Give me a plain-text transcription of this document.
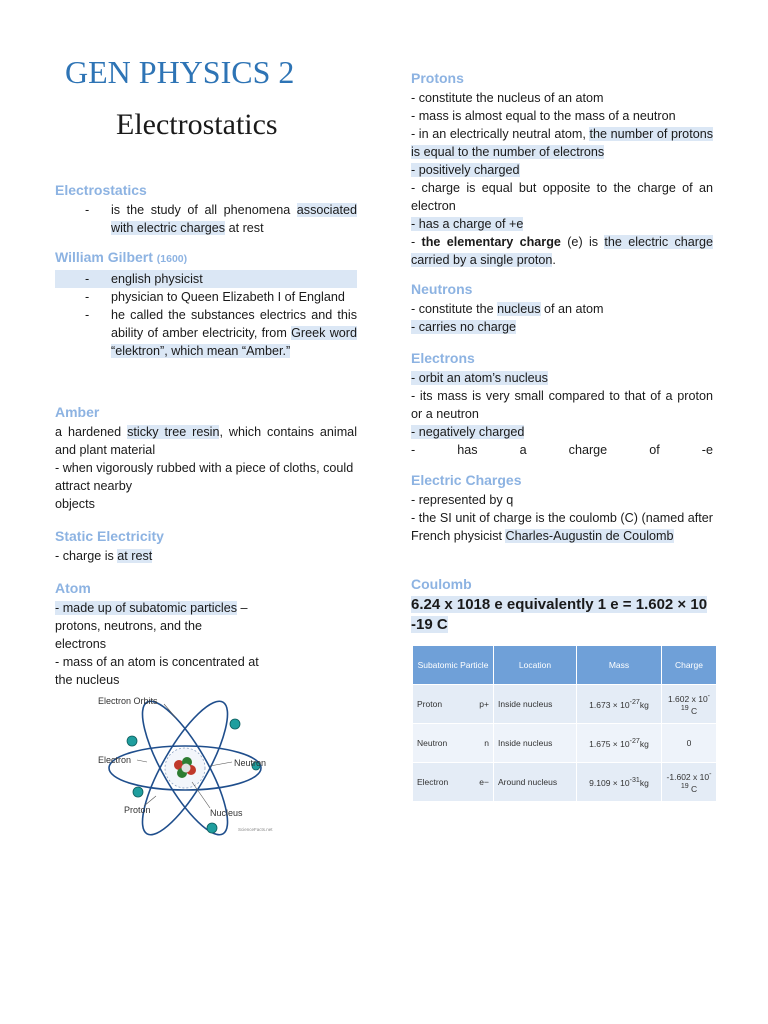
GEN PHYSICS 2
Electrostatics
Electrostatics
-	is the study of all phenomena associated with electric charges at rest
William Gilbert (1600)
-	english physicist
-	physician to Queen Elizabeth I of England
-	he called the substances electrics and this ability of amber electricity, from Greek word “elektron”, which mean “Amber.”
Amber

a hardened sticky tree resin, which contains animal and plant material

- when vigorously rubbed with a piece of cloths, could attract nearby

objects

Static Electricity

- charge is at rest

Atom

- made up of subatomic particles –

protons, neutrons, and the

electrons

- mass of an atom is concentrated at

the nucleus

Electron Orbits
Electron	Neutron
Proton	Nucleus
ScienceFacts.net
Protons

- constitute the nucleus of an atom

- mass is almost equal to the mass of a neutron

- in an electrically neutral atom, the number of protons is equal to the number of electrons

- positively charged

- charge is equal but opposite to the charge of an electron

- has a charge of +e

- the elementary charge (e) is the electric charge carried by a single proton.

Neutrons

- constitute the nucleus of an atom

- carries no charge

Electrons

- orbit an atom’s nucleus

- its mass is very small compared to that of a proton or a neutron

- negatively charged

- has a charge of -e

Electric Charges

- represented by q

- the SI unit of charge is the coulomb (C) (named after French physicist Charles-Augustin de Coulomb

Coulomb
6.24 x 1018 e equivalently 1 e = 1.602 × 10 -19 C
Subatomic Particle	Location	Mass	Charge
Proton p+	Inside nucleus	$1.673 \times 10^{-27}kg$	1.602 x $10^{-19}$ C
Neutron n	Inside nucleus	$1.675 \times 10^{-27}kg$	0
Electron e−	Around nucleus	$9.109 \times 10^{-31}kg$	-1.602 x $10^{-19}$ C
